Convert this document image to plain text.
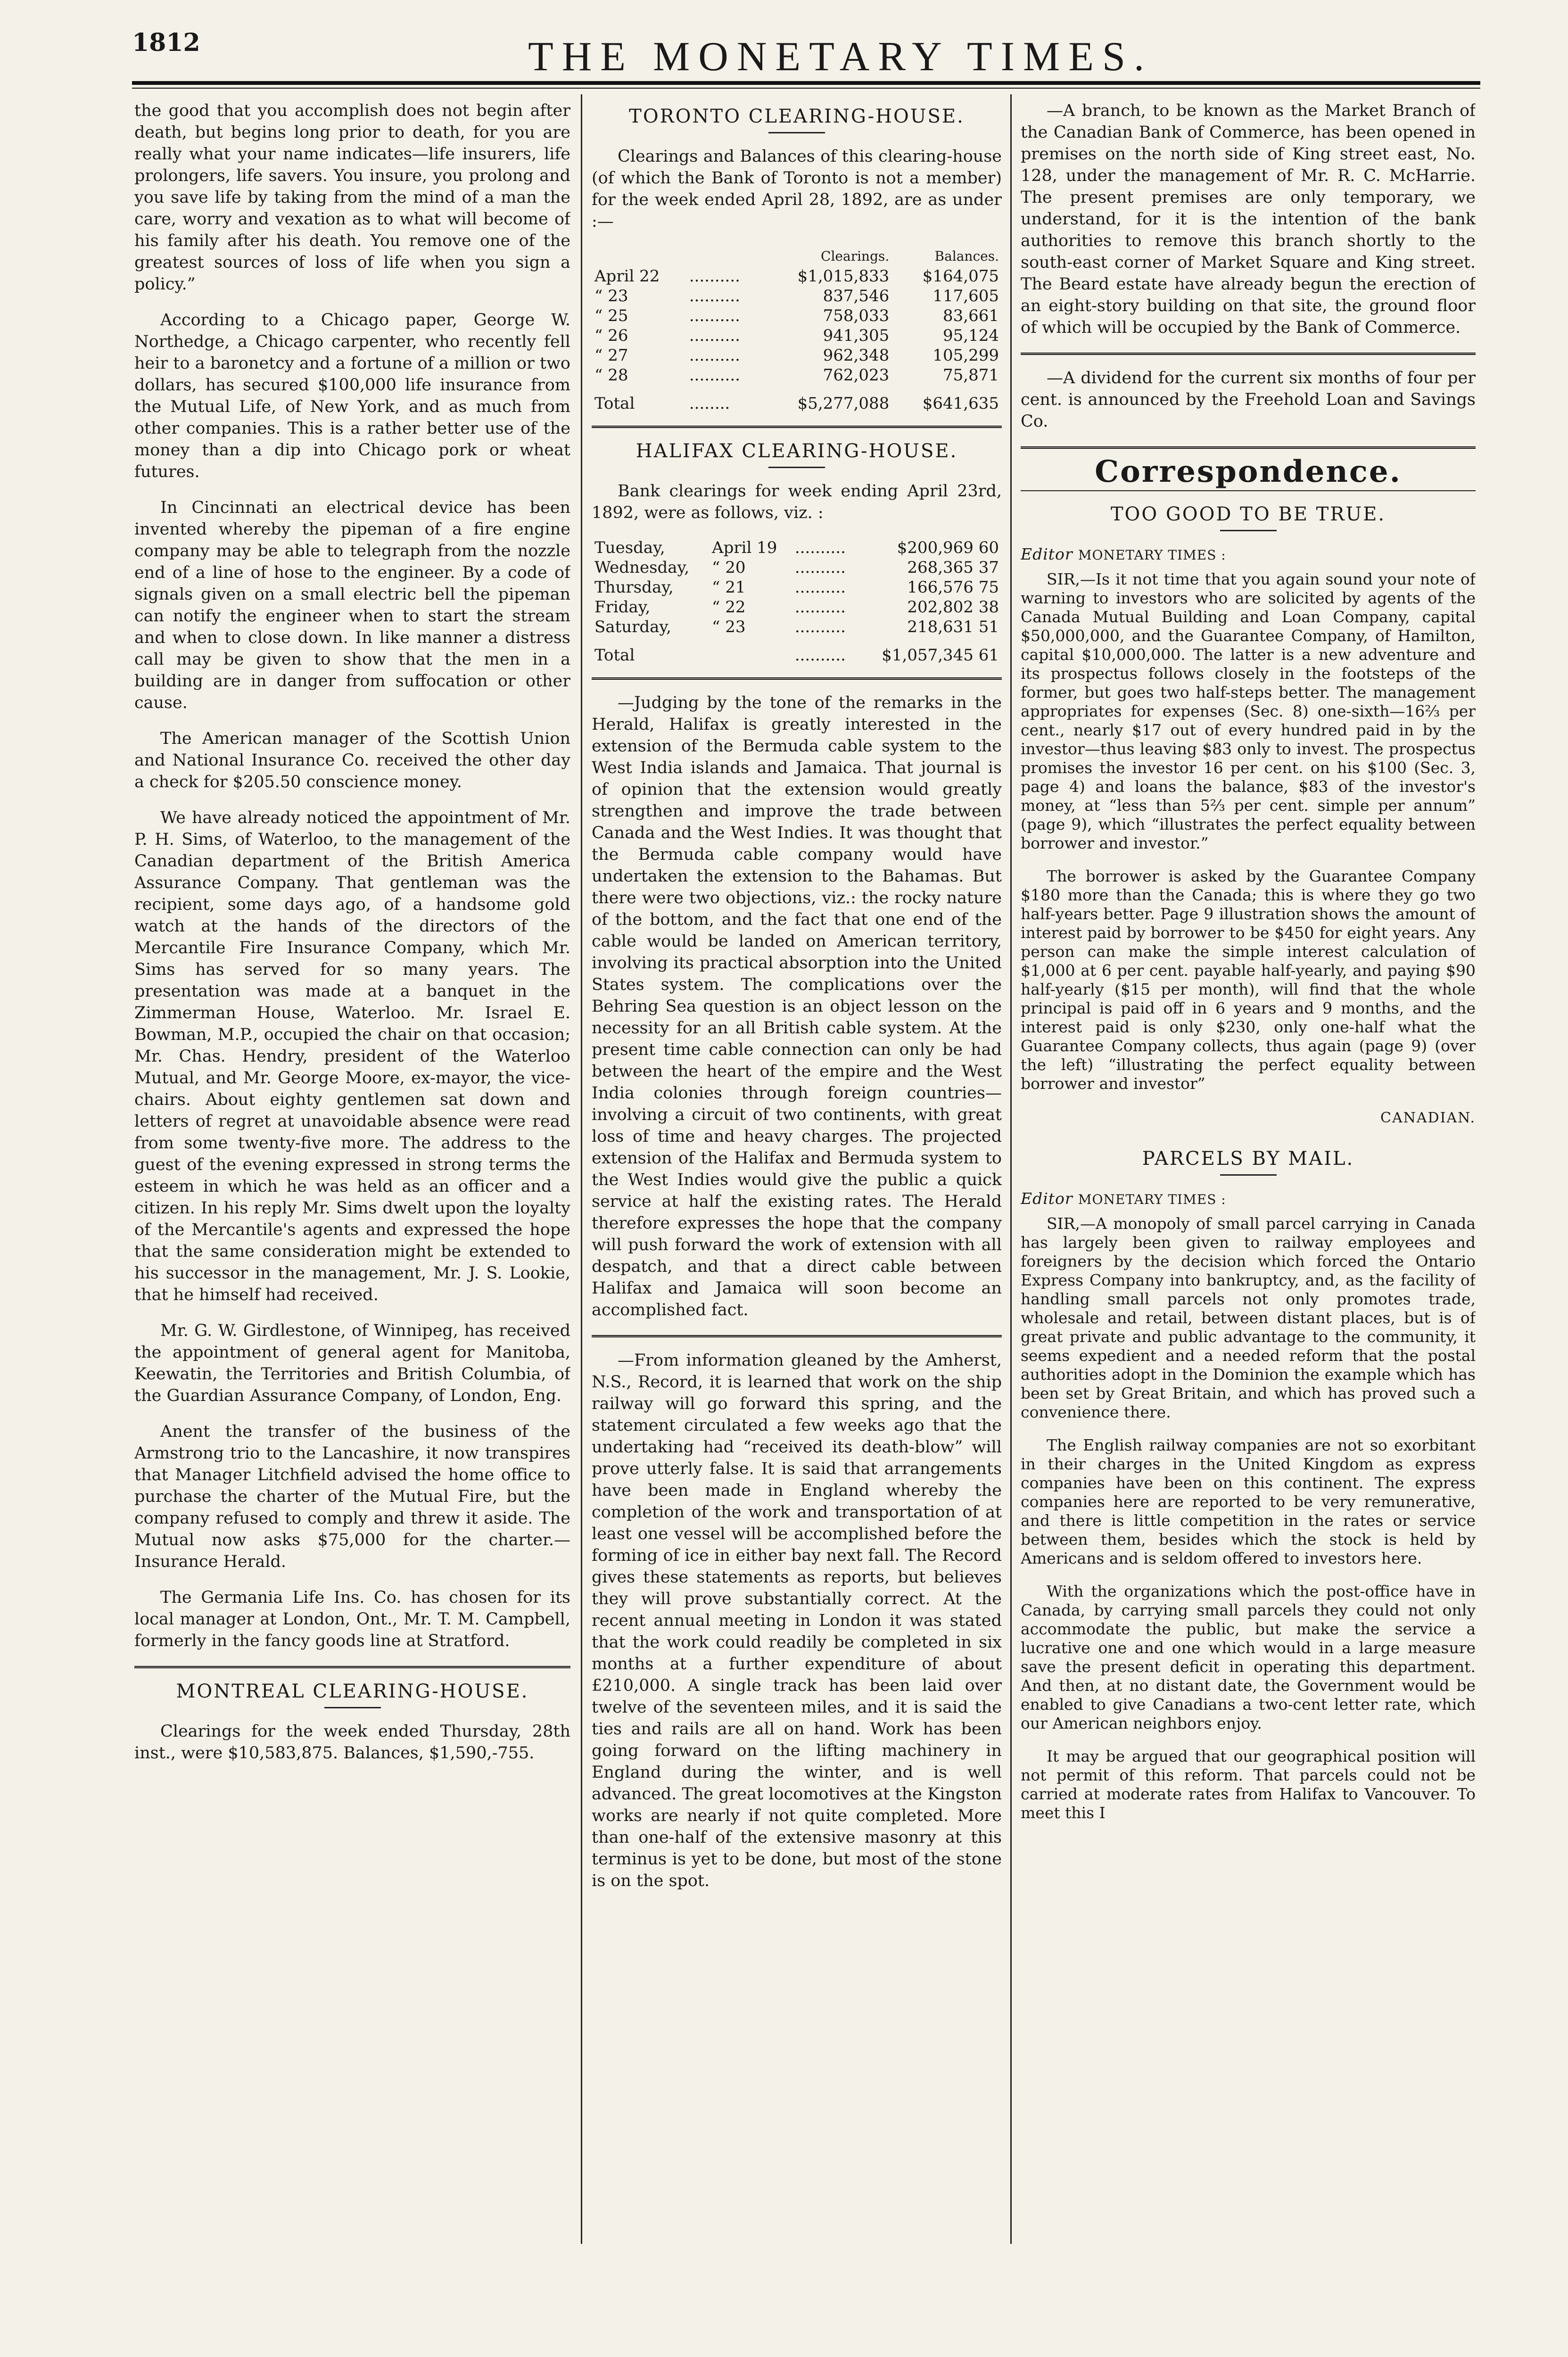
1812	THE MONETARY TIMES.

the good that you accomplish does not begin after death, but begins long prior to death, for you are really what your name indicates—life insurers, life prolongers, life savers. You insure, you prolong and you save life by taking from the mind of a man the care, worry and vexation as to what will become of his family after his death. You remove one of the greatest sources of loss of life when you sign a policy.”

According to a Chicago paper, George W. Northedge, a Chicago carpenter, who recently fell heir to a baronetcy and a fortune of a million or two dollars, has secured $100,000 life insurance from the Mutual Life, of New York, and as much from other companies. This is a rather better use of the money than a dip into Chicago pork or wheat futures.

In Cincinnati an electrical device has been invented whereby the pipeman of a fire engine company may be able to telegraph from the nozzle end of a line of hose to the engineer. By a code of signals given on a small electric bell the pipeman can notify the engineer when to start the stream and when to close down. In like manner a distress call may be given to show that the men in a building are in danger from suffocation or other cause.

The American manager of the Scottish Union and National Insurance Co. received the other day a check for $205.50 conscience money.

We have already noticed the appointment of Mr. P. H. Sims, of Waterloo, to the management of the Canadian department of the British America Assurance Company. That gentleman was the recipient, some days ago, of a handsome gold watch at the hands of the directors of the Mercantile Fire Insurance Company, which Mr. Sims has served for so many years. The presentation was made at a banquet in the Zimmerman House, Waterloo. Mr. Israel E. Bowman, M.P., occupied the chair on that occasion; Mr. Chas. Hendry, president of the Waterloo Mutual, and Mr. George Moore, ex-mayor, the vice-chairs. About eighty gentlemen sat down and letters of regret at unavoidable absence were read from some twenty-five more. The address to the guest of the evening expressed in strong terms the esteem in which he was held as an officer and a citizen. In his reply Mr. Sims dwelt upon the loyalty of the Mercantile's agents and expressed the hope that the same consideration might be extended to his successor in the management, Mr. J. S. Lookie, that he himself had received.

Mr. G. W. Girdlestone, of Winnipeg, has received the appointment of general agent for Manitoba, Keewatin, the Territories and British Columbia, of the Guardian Assurance Company, of London, Eng.

Anent the transfer of the business of the Armstrong trio to the Lancashire, it now transpires that Manager Litchfield advised the home office to purchase the charter of the Mutual Fire, but the company refused to comply and threw it aside. The Mutual now asks $75,000 for the charter.—Insurance Herald.

The Germania Life Ins. Co. has chosen for its local manager at London, Ont., Mr. T. M. Campbell, formerly in the fancy goods line at Stratford.

MONTREAL CLEARING-HOUSE.

Clearings for the week ended Thursday, 28th inst., were $10,583,875. Balances, $1,590,-755.

TORONTO CLEARING-HOUSE.

Clearings and Balances of this clearing-house (of which the Bank of Toronto is not a member) for the week ended April 28, 1892, are as under :—

		Clearings.	Balances.
April 22	..........	$1,015,833	$164,075
“ 23	..........	837,546	117,605
“ 25	..........	758,033	83,661
“ 26	..........	941,305	95,124
“ 27	..........	962,348	105,299
“ 28	..........	762,023	75,871
Total	........	$5,277,088	$641,635
HALIFAX CLEARING-HOUSE.

Bank clearings for week ending April 23rd, 1892, were as follows, viz. :

Tuesday,	April 19	..........	$200,969 60
Wednesday,	“ 20	..........	268,365 37
Thursday,	“ 21	..........	166,576 75
Friday,	“ 22	..........	202,802 38
Saturday,	“ 23	..........	218,631 51
Total		..........	$1,057,345 61

—Judging by the tone of the remarks in the Herald, Halifax is greatly interested in the extension of the Bermuda cable system to the West India islands and Jamaica. That journal is of opinion that the extension would greatly strengthen and improve the trade between Canada and the West Indies. It was thought that the Bermuda cable company would have undertaken the extension to the Bahamas. But there were two objections, viz.: the rocky nature of the bottom, and the fact that one end of the cable would be landed on American territory, involving its practical absorption into the United States system. The complications over the Behring Sea question is an object lesson on the necessity for an all British cable system. At the present time cable connection can only be had between the heart of the empire and the West India colonies through foreign countries—involving a circuit of two continents, with great loss of time and heavy charges. The projected extension of the Halifax and Bermuda system to the West Indies would give the public a quick service at half the existing rates. The Herald therefore expresses the hope that the company will push forward the work of extension with all despatch, and that a direct cable between Halifax and Jamaica will soon become an accomplished fact.

—From information gleaned by the Amherst, N.S., Record, it is learned that work on the ship railway will go forward this spring, and the statement circulated a few weeks ago that the undertaking had “received its death-blow” will prove utterly false. It is said that arrangements have been made in England whereby the completion of the work and transportation of at least one vessel will be accomplished before the forming of ice in either bay next fall. The Record gives these statements as reports, but believes they will prove substantially correct. At the recent annual meeting in London it was stated that the work could readily be completed in six months at a further expenditure of about £210,000. A single track has been laid over twelve of the seventeen miles, and it is said the ties and rails are all on hand. Work has been going forward on the lifting machinery in England during the winter, and is well advanced. The great locomotives at the Kingston works are nearly if not quite completed. More than one-half of the extensive masonry at this terminus is yet to be done, but most of the stone is on the spot.

—A branch, to be known as the Market Branch of the Canadian Bank of Commerce, has been opened in premises on the north side of King street east, No. 128, under the management of Mr. R. C. McHarrie. The present premises are only temporary, we understand, for it is the intention of the bank authorities to remove this branch shortly to the south-east corner of Market Square and King street. The Beard estate have already begun the erection of an eight-story building on that site, the ground floor of which will be occupied by the Bank of Commerce.

—A dividend for the current six months of four per cent. is announced by the Freehold Loan and Savings Co.

Correspondence.
TOO GOOD TO BE TRUE.

Editor MONETARY TIMES :

SIR,—Is it not time that you again sound your note of warning to investors who are solicited by agents of the Canada Mutual Building and Loan Company, capital $50,000,000, and the Guarantee Company, of Hamilton, capital $10,000,000. The latter is a new adventure and its prospectus follows closely in the footsteps of the former, but goes two half-steps better. The management appropriates for expenses (Sec. 8) one-sixth—16⅔ per cent., nearly $17 out of every hundred paid in by the investor—thus leaving $83 only to invest. The prospectus promises the investor 16 per cent. on his $100 (Sec. 3, page 4) and loans the balance, $83 of the investor's money, at “less than 5⅔ per cent. simple per annum” (page 9), which “illustrates the perfect equality between borrower and investor.”

The borrower is asked by the Guarantee Company $180 more than the Canada; this is where they go two half-years better. Page 9 illustration shows the amount of interest paid by borrower to be $450 for eight years. Any person can make the simple interest calculation of $1,000 at 6 per cent. payable half-yearly, and paying $90 half-yearly ($15 per month), will find that the whole principal is paid off in 6 years and 9 months, and the interest paid is only $230, only one-half what the Guarantee Company collects, thus again (page 9) (over the left) “illustrating the perfect equality between borrower and investor”

CANADIAN.
PARCELS BY MAIL.

Editor MONETARY TIMES :

SIR,—A monopoly of small parcel carrying in Canada has largely been given to railway employees and foreigners by the decision which forced the Ontario Express Company into bankruptcy, and, as the facility of handling small parcels not only promotes trade, wholesale and retail, between distant places, but is of great private and public advantage to the community, it seems expedient and a needed reform that the postal authorities adopt in the Dominion the example which has been set by Great Britain, and which has proved such a convenience there.

The English railway companies are not so exorbitant in their charges in the United Kingdom as express companies have been on this continent. The express companies here are reported to be very remunerative, and there is little competition in the rates or service between them, besides which the stock is held by Americans and is seldom offered to investors here.

With the organizations which the post-office have in Canada, by carrying small parcels they could not only accommodate the public, but make the service a lucrative one and one which would in a large measure save the present deficit in operating this department. And then, at no distant date, the Government would be enabled to give Canadians a two-cent letter rate, which our American neighbors enjoy.

It may be argued that our geographical position will not permit of this reform. That parcels could not be carried at moderate rates from Halifax to Vancouver. To meet this I
